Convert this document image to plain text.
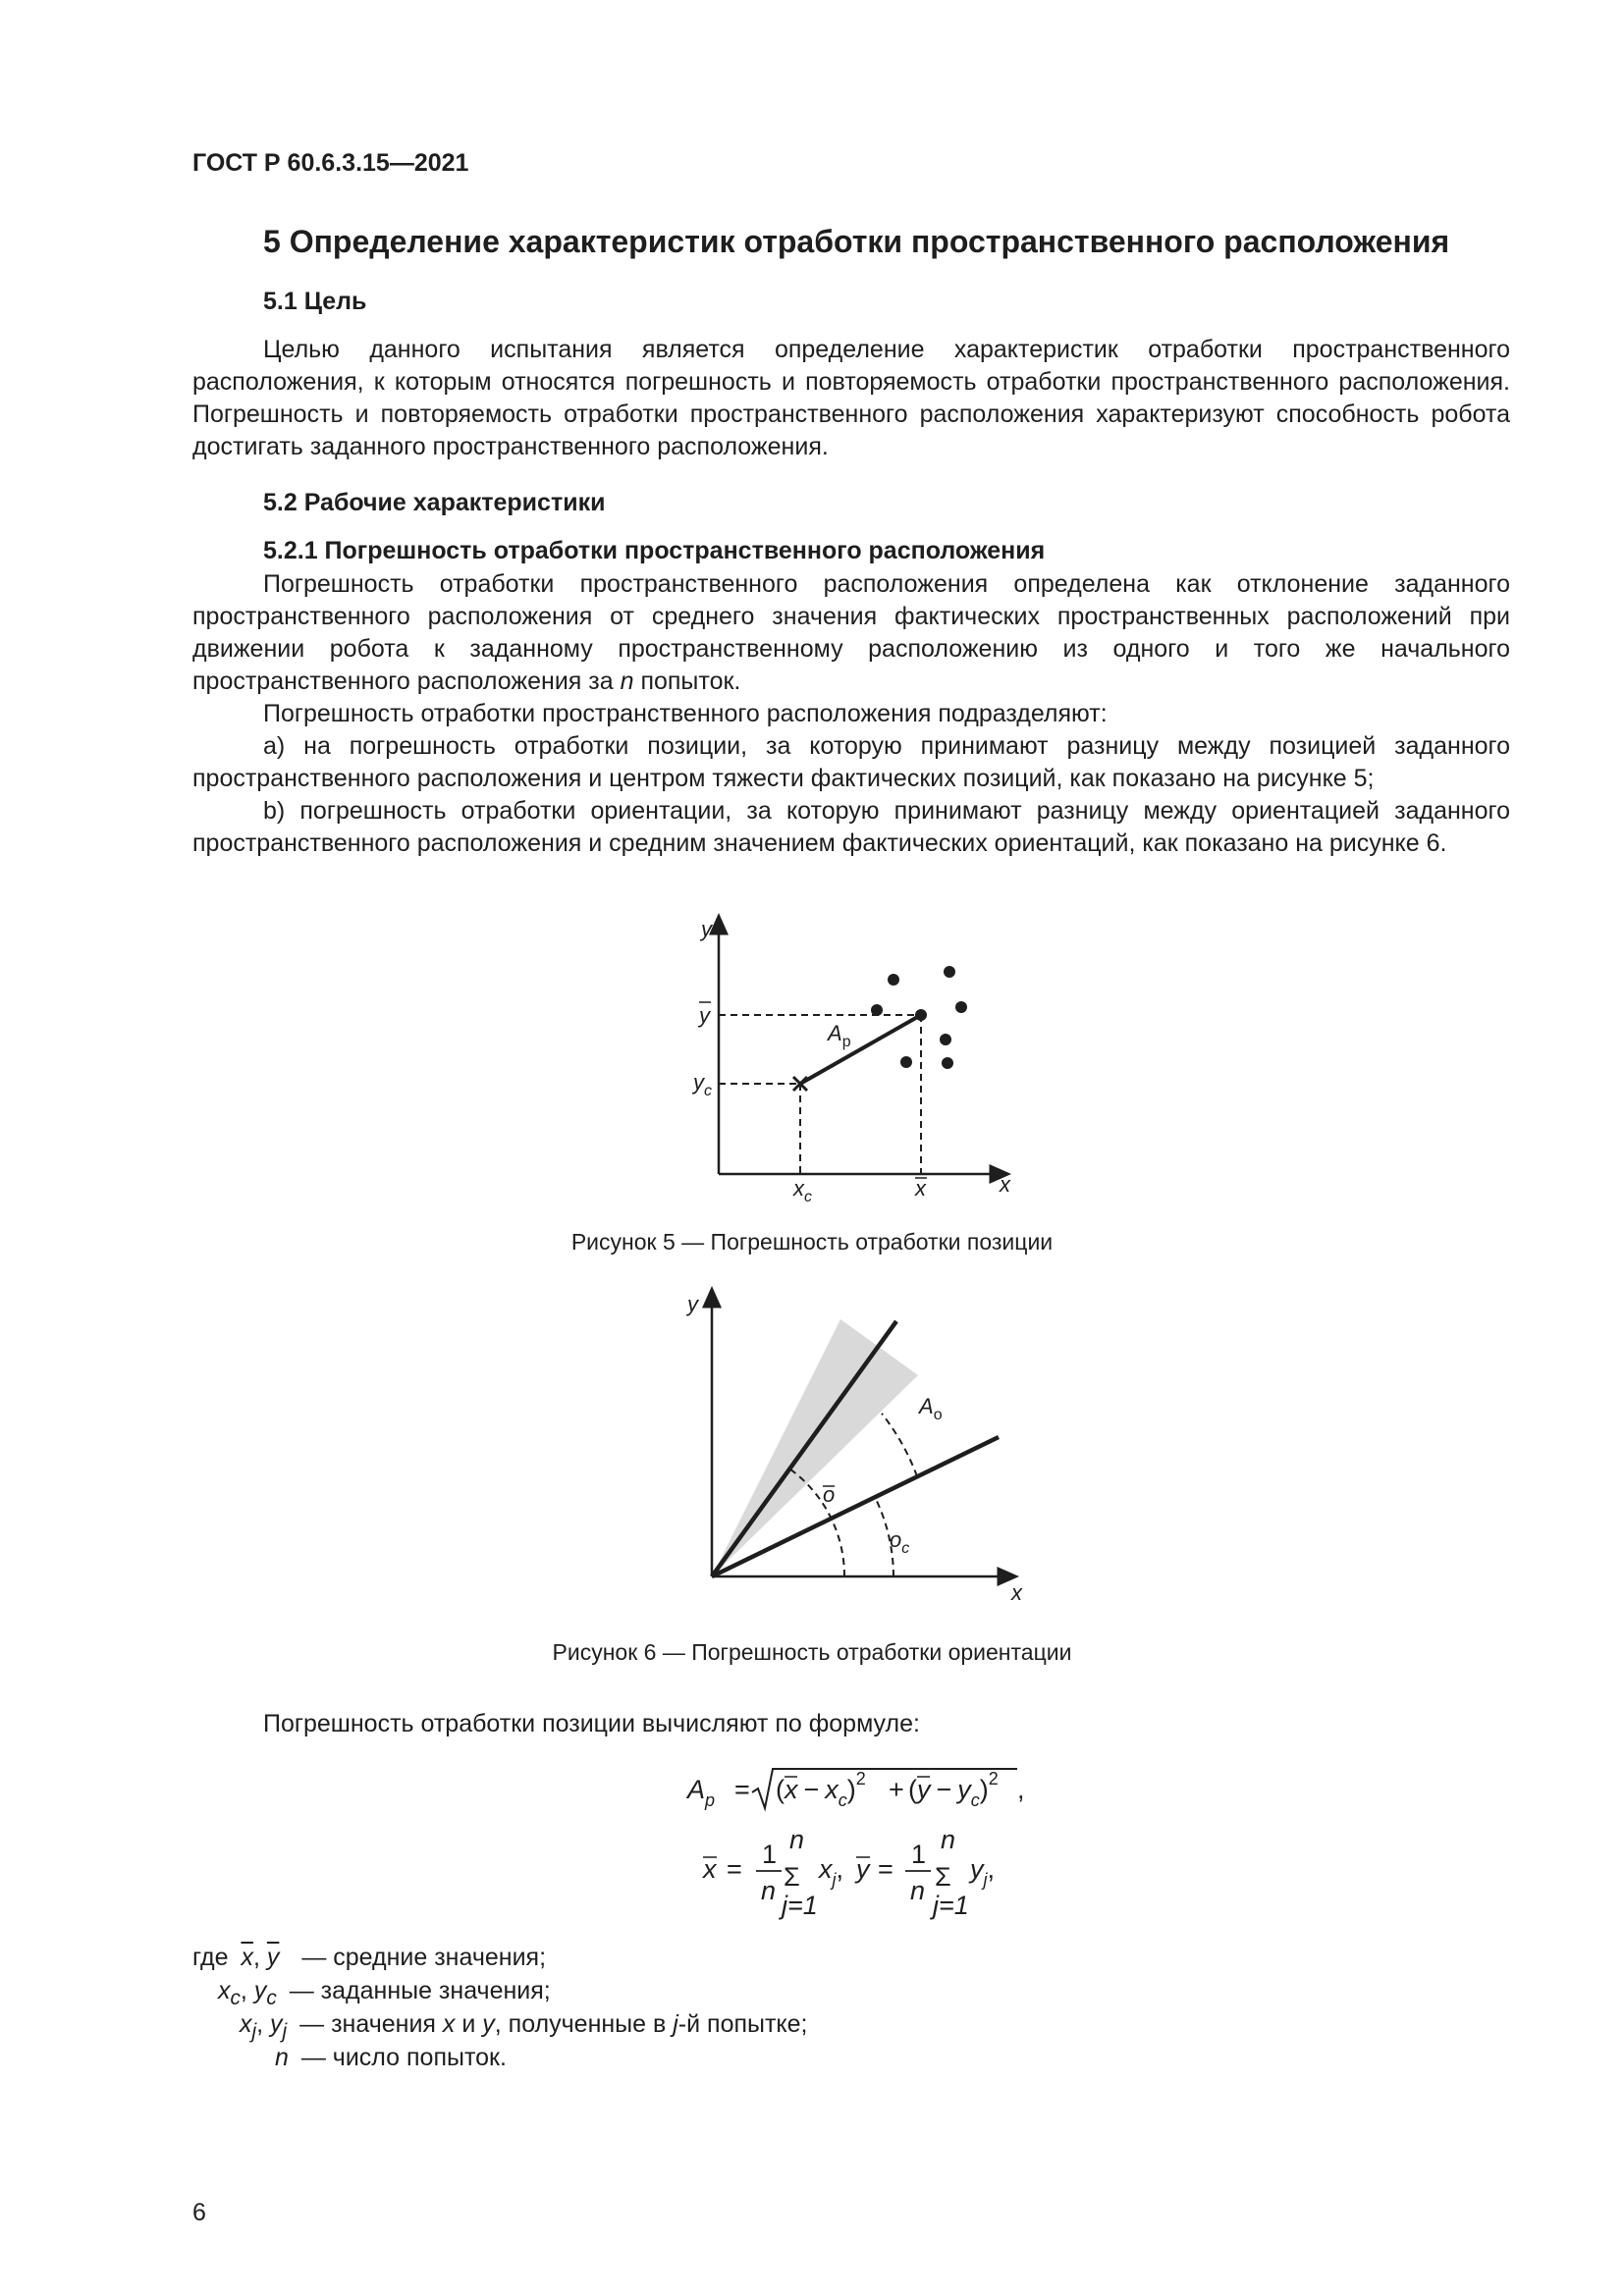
ГОСТ Р 60.6.3.15—2021
5 Определение характеристик отработки пространственного расположения
5.1 Цель
Целью данного испытания является определение характеристик отработки пространственного расположения, к которым относятся погрешность и повторяемость отработки пространственного расположения. Погрешность и повторяемость отработки пространственного расположения характеризуют способность робота достигать заданного пространственного расположения.
5.2 Рабочие характеристики
5.2.1 Погрешность отработки пространственного расположения
Погрешность отработки пространственного расположения определена как отклонение заданного пространственного расположения от среднего значения фактических пространственных расположений при движении робота к заданному пространственному расположению из одного и того же начального пространственного расположения за n попыток.
Погрешность отработки пространственного расположения подразделяют:
а) на погрешность отработки позиции, за которую принимают разницу между позицией заданного пространственного расположения и центром тяжести фактических позиций, как показано на рисунке 5;
b) погрешность отработки ориентации, за которую принимают разницу между ориентацией заданного пространственного расположения и средним значением фактических ориентаций, как показано на рисунке 6.
y
x
y
$y_c$
$x_c$	x
$A_p$
Рисунок 5 — Погрешность отработки позиции
y
x
$A_o$
o
$o_c$
Рисунок 6 — Погрешность отработки ориентации
Погрешность отработки позиции вычисляют по формуле:
$A_p = (x - x_c)^2 + (y - y_c)^2$ ,
x = 1
n
n
Σ
j=1
$x_j$, y = 1
n
n
Σ
j=1
$y_j$,
где $\overline{x}$, $\overline{y}$ — средние значения;
$x_c$, $y_c$ — заданные значения;
$x_j$, $y_j$ — значения x и y, полученные в j-й попытке;
n — число попыток.
6
